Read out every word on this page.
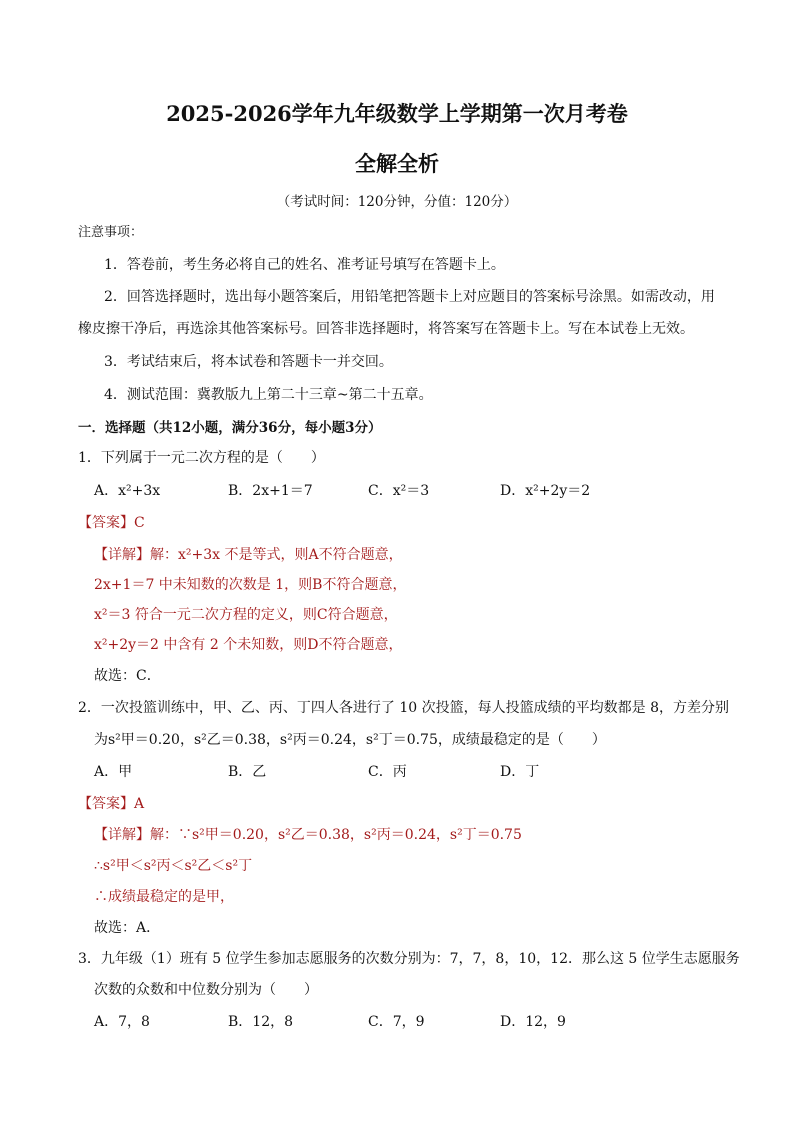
2025-2026学年九年级数学上学期第一次月考卷
全解全析
（考试时间：120分钟，分值：120分）
注意事项：
1．答卷前，考生务必将自己的姓名、准考证号填写在答题卡上。
2．回答选择题时，选出每小题答案后，用铅笔把答题卡上对应题目的答案标号涂黑。如需改动，用
橡皮擦干净后，再选涂其他答案标号。回答非选择题时，将答案写在答题卡上。写在本试卷上无效。
3．考试结束后，将本试卷和答题卡一并交回。
4．测试范围：冀教版九上第二十三章~第二十五章。
一．选择题（共12小题，满分36分，每小题3分）
1．下列属于一元二次方程的是（　　）
A．x²+3x	B．2x+1＝7	C．x²＝3	D．x²+2y＝2
【答案】C
【详解】解：x²+3x 不是等式，则A不符合题意，
2x+1＝7 中未知数的次数是 1，则B不符合题意，
x²＝3 符合一元二次方程的定义，则C符合题意，
x²+2y＝2 中含有 2 个未知数，则D不符合题意，
故选：C．
2．一次投篮训练中，甲、乙、丙、丁四人各进行了 10 次投篮，每人投篮成绩的平均数都是 8，方差分别
为s²甲＝0.20，s²乙＝0.38，s²丙＝0.24，s²丁＝0.75，成绩最稳定的是（　　）
A．甲	B．乙	C．丙	D．丁
【答案】A
【详解】解：∵s²甲＝0.20，s²乙＝0.38，s²丙＝0.24，s²丁＝0.75
∴s²甲＜s²丙＜s²乙＜s²丁
∴成绩最稳定的是甲，
故选：A．
3．九年级（1）班有 5 位学生参加志愿服务的次数分别为：7，7，8，10，12．那么这 5 位学生志愿服务
次数的众数和中位数分别为（　　）
A．7，8	B．12，8	C．7，9	D．12，9
